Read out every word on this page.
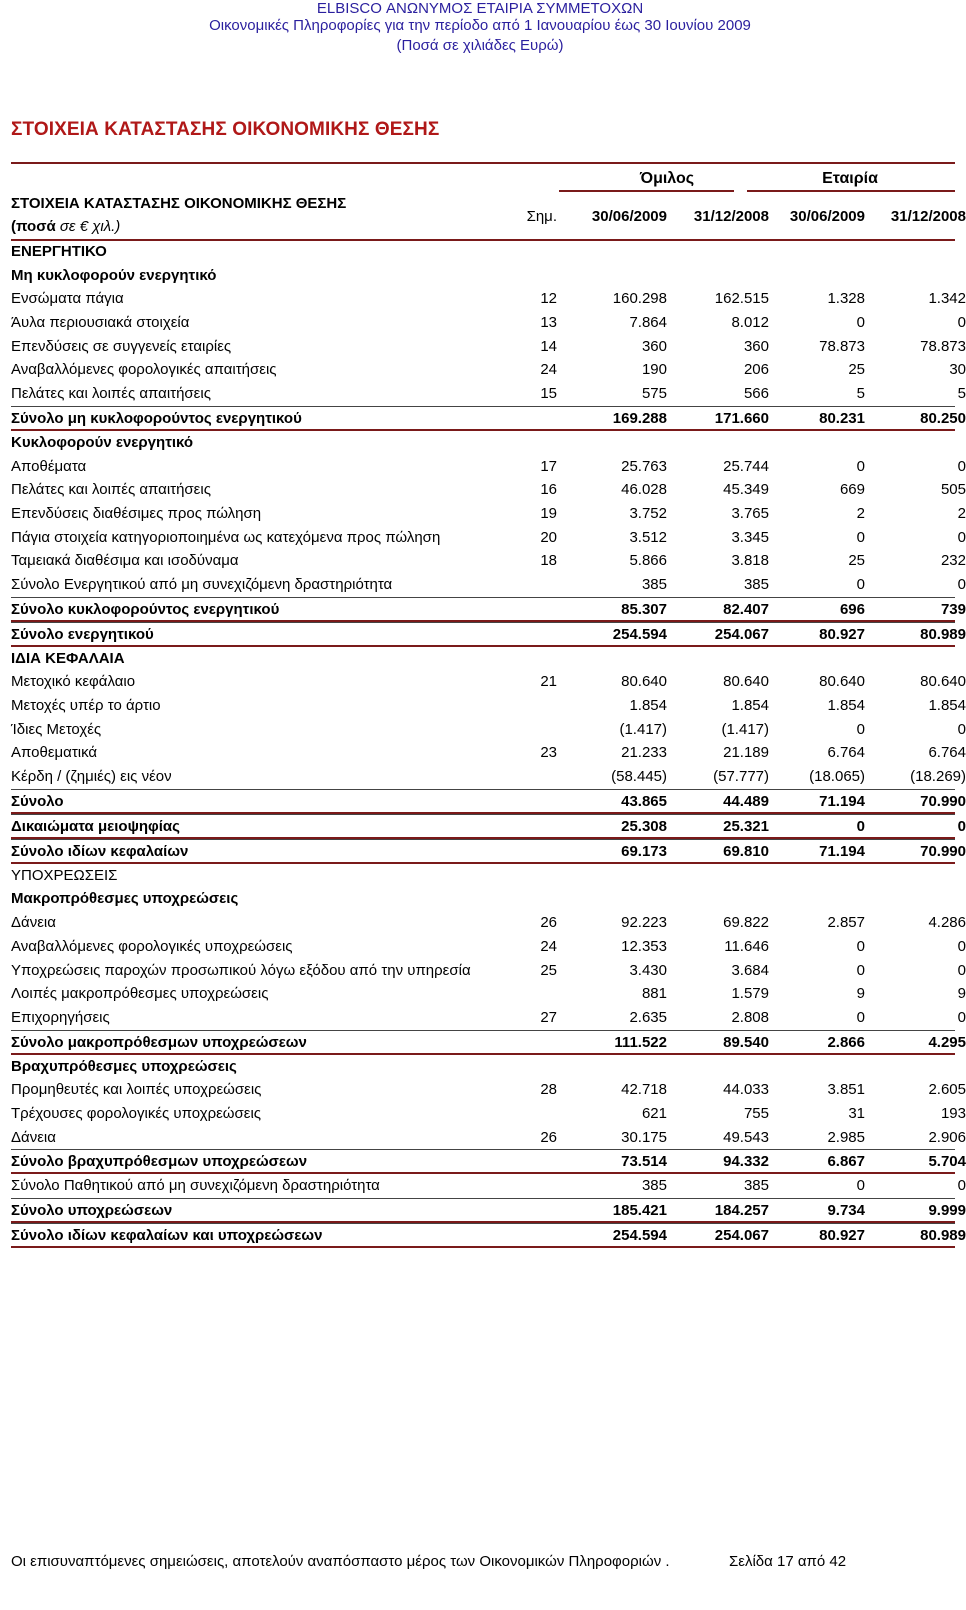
ELBISCO ΑΝΩΝΥΜΟΣ ΕΤΑΙΡΙΑ ΣΥΜΜΕΤΟΧΩΝ
Οικονομικές Πληροφορίες για την περίοδο από 1 Ιανουαρίου έως 30 Ιουνίου 2009
(Ποσά σε χιλιάδες Ευρώ)
ΣΤΟΙΧΕΙΑ ΚΑΤΑΣΤΑΣΗΣ ΟΙΚΟΝΟΜΙΚΗΣ ΘΕΣΗΣ
Όμιλος	Εταιρία
ΣΤΟΙΧΕΙΑ ΚΑΤΑΣΤΑΣΗΣ ΟΙΚΟΝΟΜΙΚΗΣ ΘΕΣΗΣ
(ποσά σε € χιλ.)
Σημ.	30/06/2009	31/12/2008	30/06/2009	31/12/2008
ΕΝΕΡΓΗΤΙΚΟ
Μη κυκλοφορούν ενεργητικό
Ενσώματα πάγια	12	160.298	162.515	1.328	1.342
Άυλα περιουσιακά στοιχεία	13	7.864	8.012	0	0
Επενδύσεις σε συγγενείς εταιρίες	14	360	360	78.873	78.873
Αναβαλλόμενες φορολογικές απαιτήσεις	24	190	206	25	30
Πελάτες και λοιπές απαιτήσεις	15	575	566	5	5
Σύνολο μη κυκλοφορούντος ενεργητικού	169.288	171.660	80.231	80.250
Κυκλοφορούν ενεργητικό
Αποθέματα	17	25.763	25.744	0	0
Πελάτες και λοιπές απαιτήσεις	16	46.028	45.349	669	505
Επενδύσεις διαθέσιμες προς πώληση	19	3.752	3.765	2	2
Πάγια στοιχεία κατηγοριοποιημένα ως κατεχόμενα προς πώληση	20	3.512	3.345	0	0
Ταμειακά διαθέσιμα και ισοδύναμα	18	5.866	3.818	25	232
Σύνολο Ενεργητικού από μη συνεχιζόμενη δραστηριότητα	385	385	0	0
Σύνολο κυκλοφορούντος ενεργητικού	85.307	82.407	696	739
Σύνολο ενεργητικού	254.594	254.067	80.927	80.989
ΙΔΙΑ ΚΕΦΑΛΑΙΑ
Μετοχικό κεφάλαιο	21	80.640	80.640	80.640	80.640
Μετοχές υπέρ το άρτιο	1.854	1.854	1.854	1.854
Ίδιες Μετοχές	(1.417)	(1.417)	0	0
Αποθεματικά	23	21.233	21.189	6.764	6.764
Κέρδη / (ζημιές) εις νέον	(58.445)	(57.777)	(18.065)	(18.269)
Σύνολο	43.865	44.489	71.194	70.990
Δικαιώματα μειοψηφίας	25.308	25.321	0	0
Σύνολο ιδίων κεφαλαίων	69.173	69.810	71.194	70.990
ΥΠΟΧΡΕΩΣΕΙΣ
Μακροπρόθεσμες υποχρεώσεις
Δάνεια	26	92.223	69.822	2.857	4.286
Αναβαλλόμενες φορολογικές υποχρεώσεις	24	12.353	11.646	0	0
Υποχρεώσεις παροχών προσωπικού λόγω εξόδου από την υπηρεσία	25	3.430	3.684	0	0
Λοιπές μακροπρόθεσμες υποχρεώσεις	881	1.579	9	9
Επιχορηγήσεις	27	2.635	2.808	0	0
Σύνολο μακροπρόθεσμων υποχρεώσεων	111.522	89.540	2.866	4.295
Βραχυπρόθεσμες υποχρεώσεις
Προμηθευτές και λοιπές υποχρεώσεις	28	42.718	44.033	3.851	2.605
Τρέχουσες φορολογικές υποχρεώσεις	621	755	31	193
Δάνεια	26	30.175	49.543	2.985	2.906
Σύνολο βραχυπρόθεσμων υποχρεώσεων	73.514	94.332	6.867	5.704
Σύνολο Παθητικού από μη συνεχιζόμενη δραστηριότητα	385	385	0	0
Σύνολο υποχρεώσεων	185.421	184.257	9.734	9.999
Σύνολο ιδίων κεφαλαίων και υποχρεώσεων	254.594	254.067	80.927	80.989
Οι επισυναπτόμενες σημειώσεις, αποτελούν αναπόσπαστο μέρος των Οικονομικών Πληροφοριών .	Σελίδα 17 από 42
